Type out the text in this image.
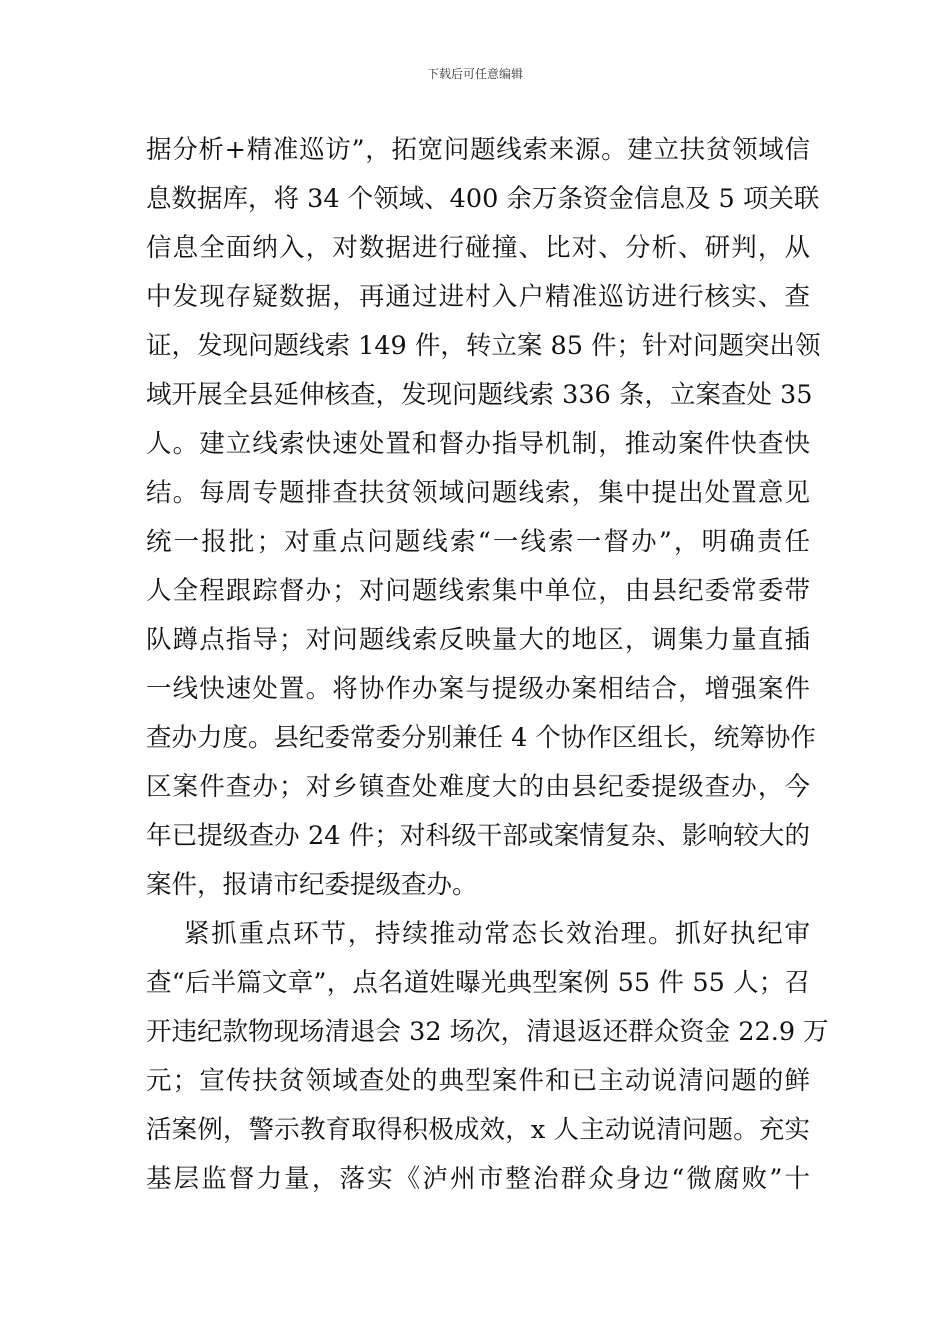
下载后可任意编辑
据分析+精准巡访”，拓宽问题线索来源。建立扶贫领域信
息数据库，将 34 个领域、400 余万条资金信息及 5 项关联
信息全面纳入，对数据进行碰撞、比对、分析、研判，从
中发现存疑数据，再通过进村入户精准巡访进行核实、查
证，发现问题线索 149 件，转立案 85 件；针对问题突出领
域开展全县延伸核查，发现问题线索 336 条，立案查处 35
人。建立线索快速处置和督办指导机制，推动案件快查快
结。每周专题排查扶贫领域问题线索，集中提出处置意见
统一报批；对重点问题线索“一线索一督办”，明确责任
人全程跟踪督办；对问题线索集中单位，由县纪委常委带
队蹲点指导；对问题线索反映量大的地区，调集力量直插
一线快速处置。将协作办案与提级办案相结合，增强案件
查办力度。县纪委常委分别兼任 4 个协作区组长，统筹协作
区案件查办；对乡镇查处难度大的由县纪委提级查办，今
年已提级查办 24 件；对科级干部或案情复杂、影响较大的
案件，报请市纪委提级查办。
紧抓重点环节，持续推动常态长效治理。抓好执纪审
查“后半篇文章”，点名道姓曝光典型案例 55 件 55 人；召
开违纪款物现场清退会 32 场次，清退返还群众资金 22.9 万
元；宣传扶贫领域查处的典型案件和已主动说清问题的鲜
活案例，警示教育取得积极成效，x 人主动说清问题。充实
基层监督力量，落实《泸州市整治群众身边“微腐败”十
